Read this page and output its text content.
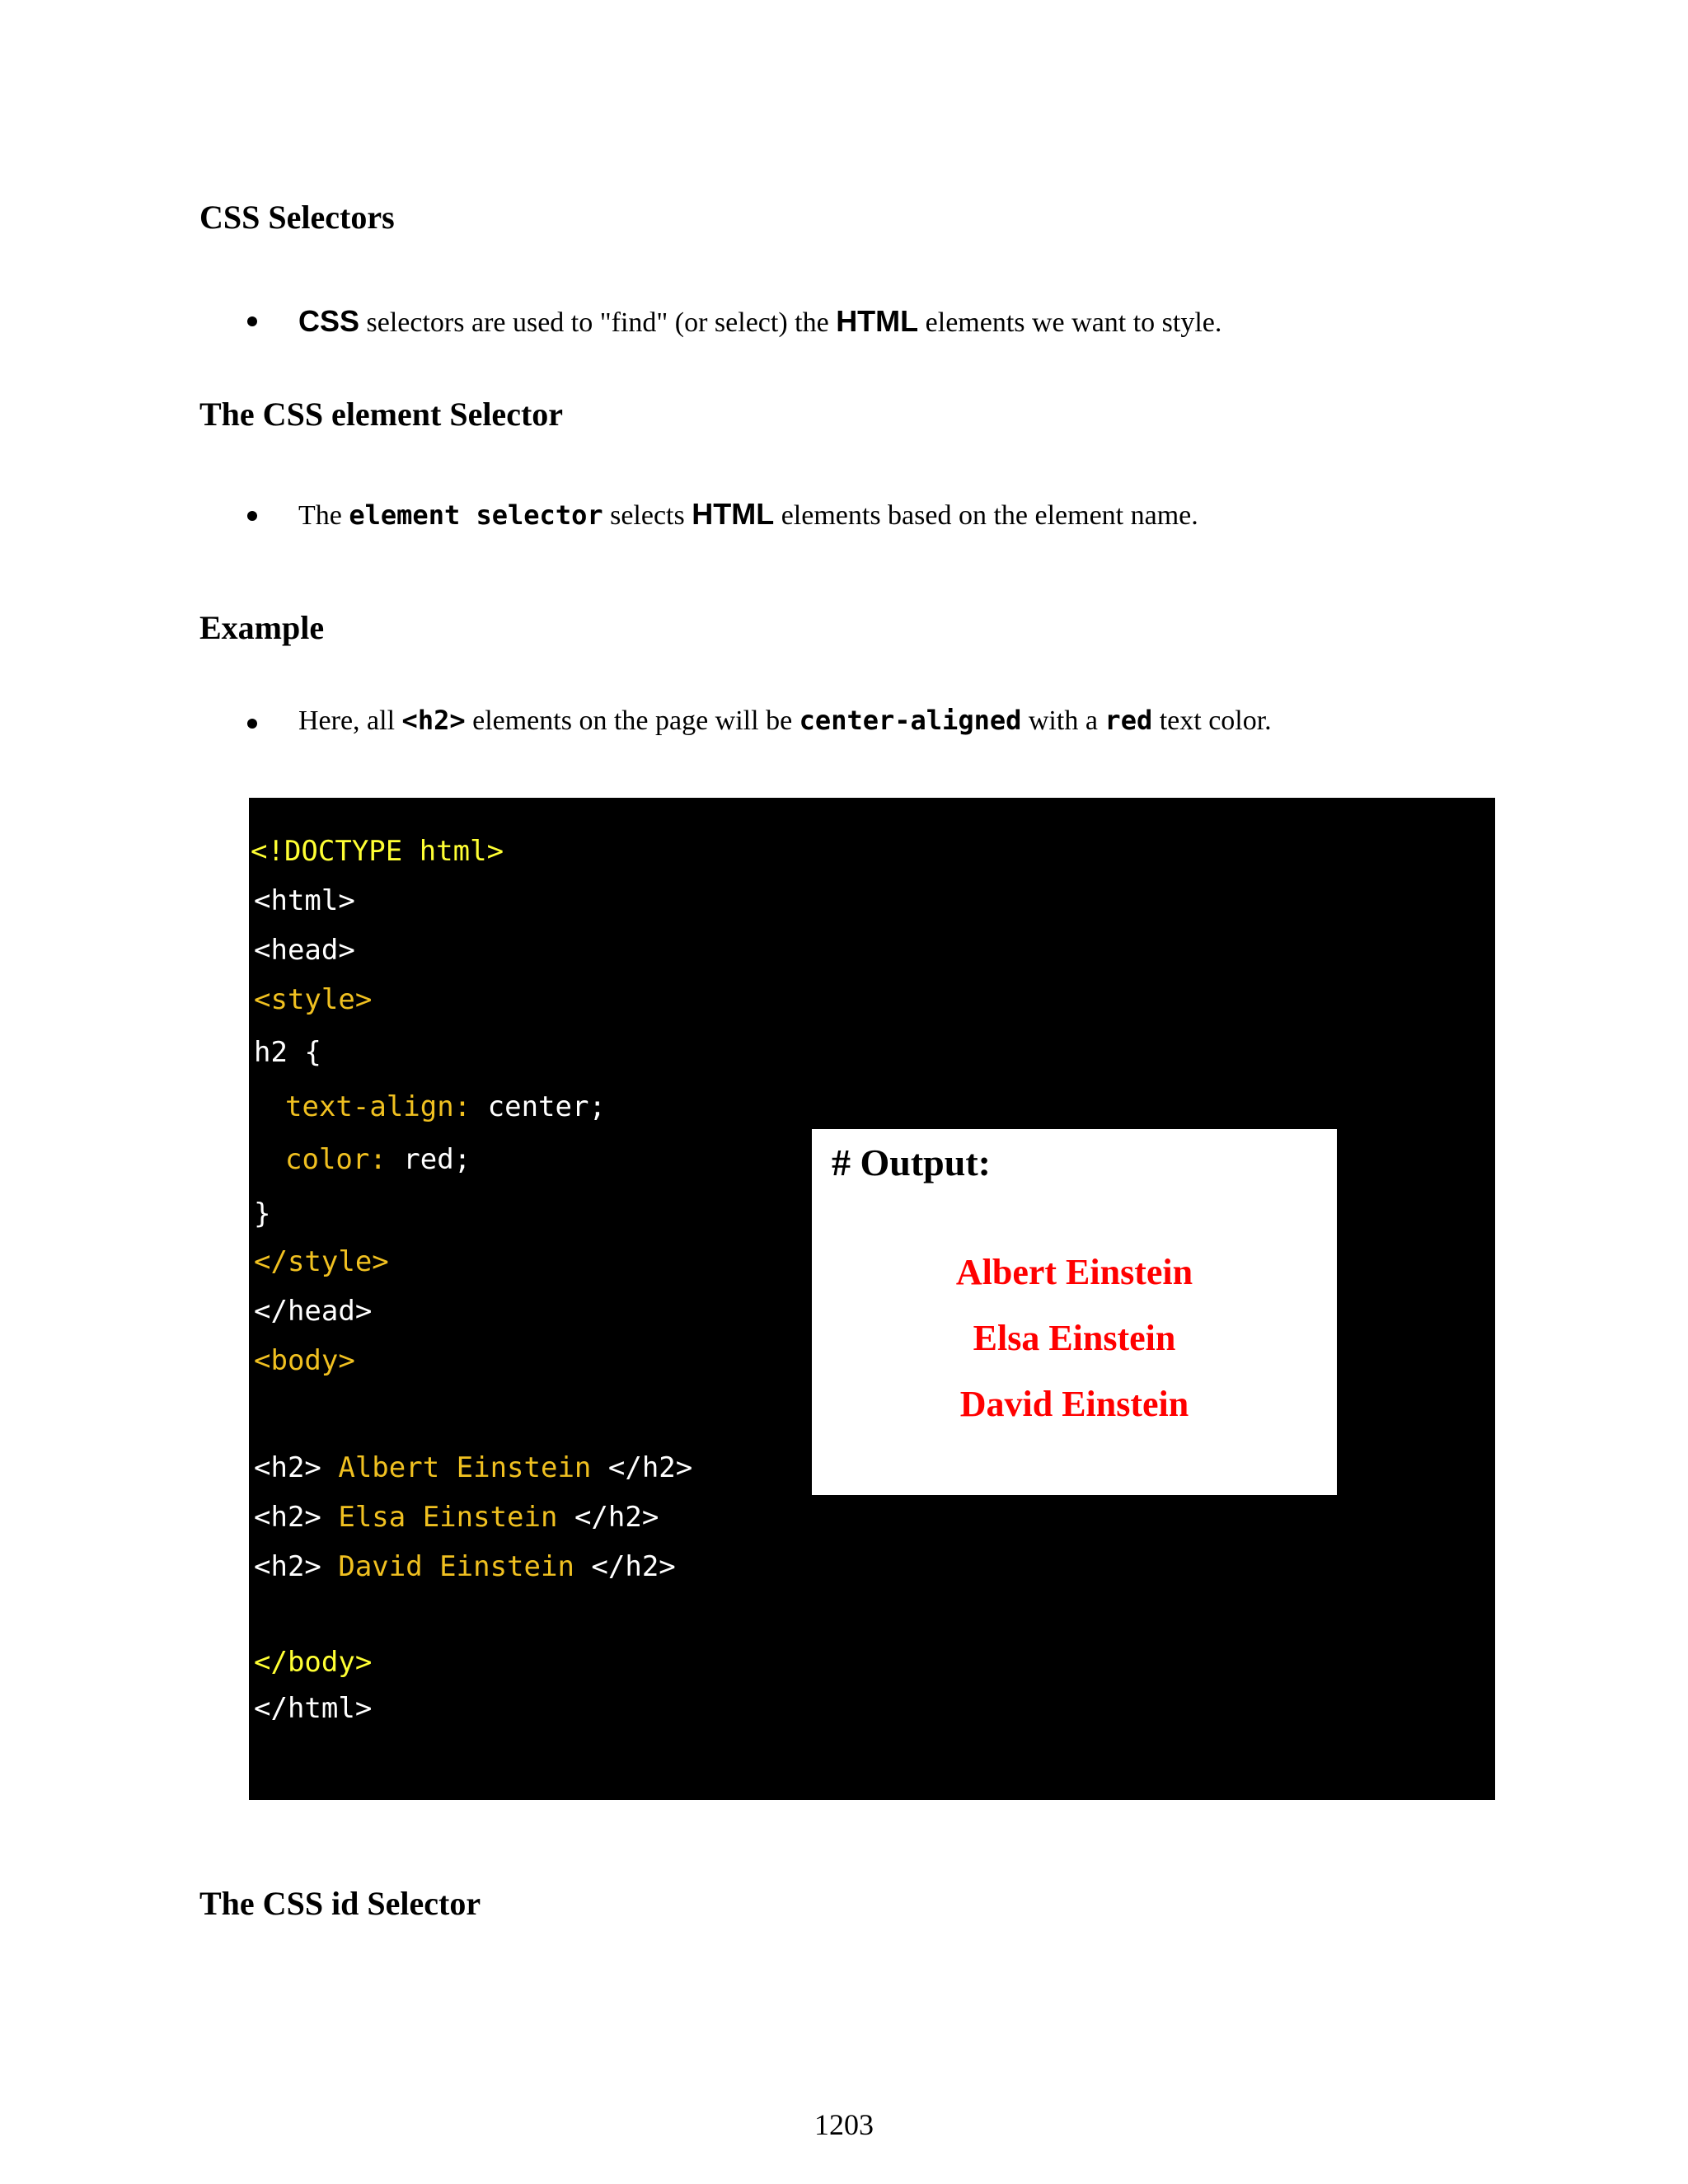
CSS Selectors
CSS selectors are used to "find" (or select) the HTML elements we want to style.
The CSS element Selector
The element selector selects HTML elements based on the element name.
Example
Here, all <h2> elements on the page will be center-aligned with a red text color.
<!DOCTYPE html>
<html>
<head>
<style>
h2 {
text-align: center;
color: red;
}
</style>
</head>
<body>
<h2> Albert Einstein </h2>
<h2> Elsa Einstein </h2>
<h2> David Einstein </h2>
</body>
</html>
# Output:
Albert Einstein
Elsa Einstein
David Einstein
The CSS id Selector
1203
